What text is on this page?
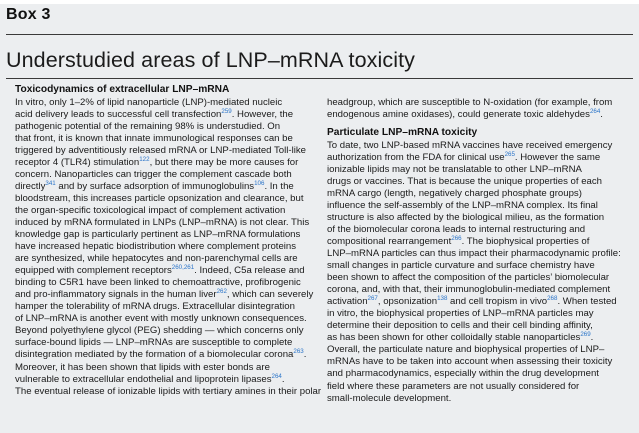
Box 3
Understudied areas of LNP–mRNA toxicity
Toxicodynamics of extracellular LNP–mRNA

In vitro, only 1–2% of lipid nanoparticle (LNP)-mediated nucleic
acid delivery leads to successful cell transfection$^{259}$. However, the
pathogenic potential of the remaining 98% is understudied. On
that front, it is known that innate immunological responses can be
triggered by adventitiously released mRNA or LNP-mediated Toll-like
receptor 4 (TLR4) stimulation$^{122}$, but there may be more causes for
concern. Nanoparticles can trigger the complement cascade both
directly$^{341}$ and by surface adsorption of immunoglobulins$^{106}$. In the
bloodstream, this increases particle opsonization and clearance, but
the organ-specific toxicological impact of complement activation
induced by mRNA formulated in LNPs (LNP–mRNA) is not clear. This
knowledge gap is particularly pertinent as LNP–mRNA formulations
have increased hepatic biodistribution where complement proteins
are synthesized, while hepatocytes and non-parenchymal cells are
equipped with complement receptors$^{260,261}$. Indeed, C5a release and
binding to C5R1 have been linked to chemoattractive, profibrogenic
and pro-inflammatory signals in the human liver$^{262}$, which can severely
hamper the tolerability of mRNA drugs. Extracellular disintegration
of LNP–mRNA is another event with mostly unknown consequences.
Beyond polyethylene glycol (PEG) shedding — which concerns only
surface-bound lipids — LNP–mRNAs are susceptible to complete
disintegration mediated by the formation of a biomolecular corona$^{263}$.
Moreover, it has been shown that lipids with ester bonds are
vulnerable to extracellular endothelial and lipoprotein lipases$^{264}$.
The eventual release of ionizable lipids with tertiary amines in their polar

headgroup, which are susceptible to N-oxidation (for example, from
endogenous amine oxidases), could generate toxic aldehydes$^{264}$.

Particulate LNP–mRNA toxicity

To date, two LNP-based mRNA vaccines have received emergency
authorization from the FDA for clinical use$^{265}$. However the same
ionizable lipids may not be translatable to other LNP–mRNA
drugs or vaccines. That is because the unique properties of each
mRNA cargo (length, negatively charged phosphate groups)
influence the self-assembly of the LNP–mRNA complex. Its final
structure is also affected by the biological milieu, as the formation
of the biomolecular corona leads to internal restructuring and
compositional rearrangement$^{266}$. The biophysical properties of
LNP–mRNA particles can thus impact their pharmacodynamic profile:
small changes in particle curvature and surface chemistry have
been shown to affect the composition of the particles’ biomolecular
corona, and, with that, their immunoglobulin-mediated complement
activation$^{267}$, opsonization$^{138}$ and cell tropism in vivo$^{268}$. When tested
in vitro, the biophysical properties of LNP–mRNA particles may
determine their deposition to cells and their cell binding affinity,
as has been shown for other colloidally stable nanoparticles$^{269}$.
Overall, the particulate nature and biophysical properties of LNP–
mRNAs have to be taken into account when assessing their toxicity
and pharmacodynamics, especially within the drug development
field where these parameters are not usually considered for
small-molecule development.
